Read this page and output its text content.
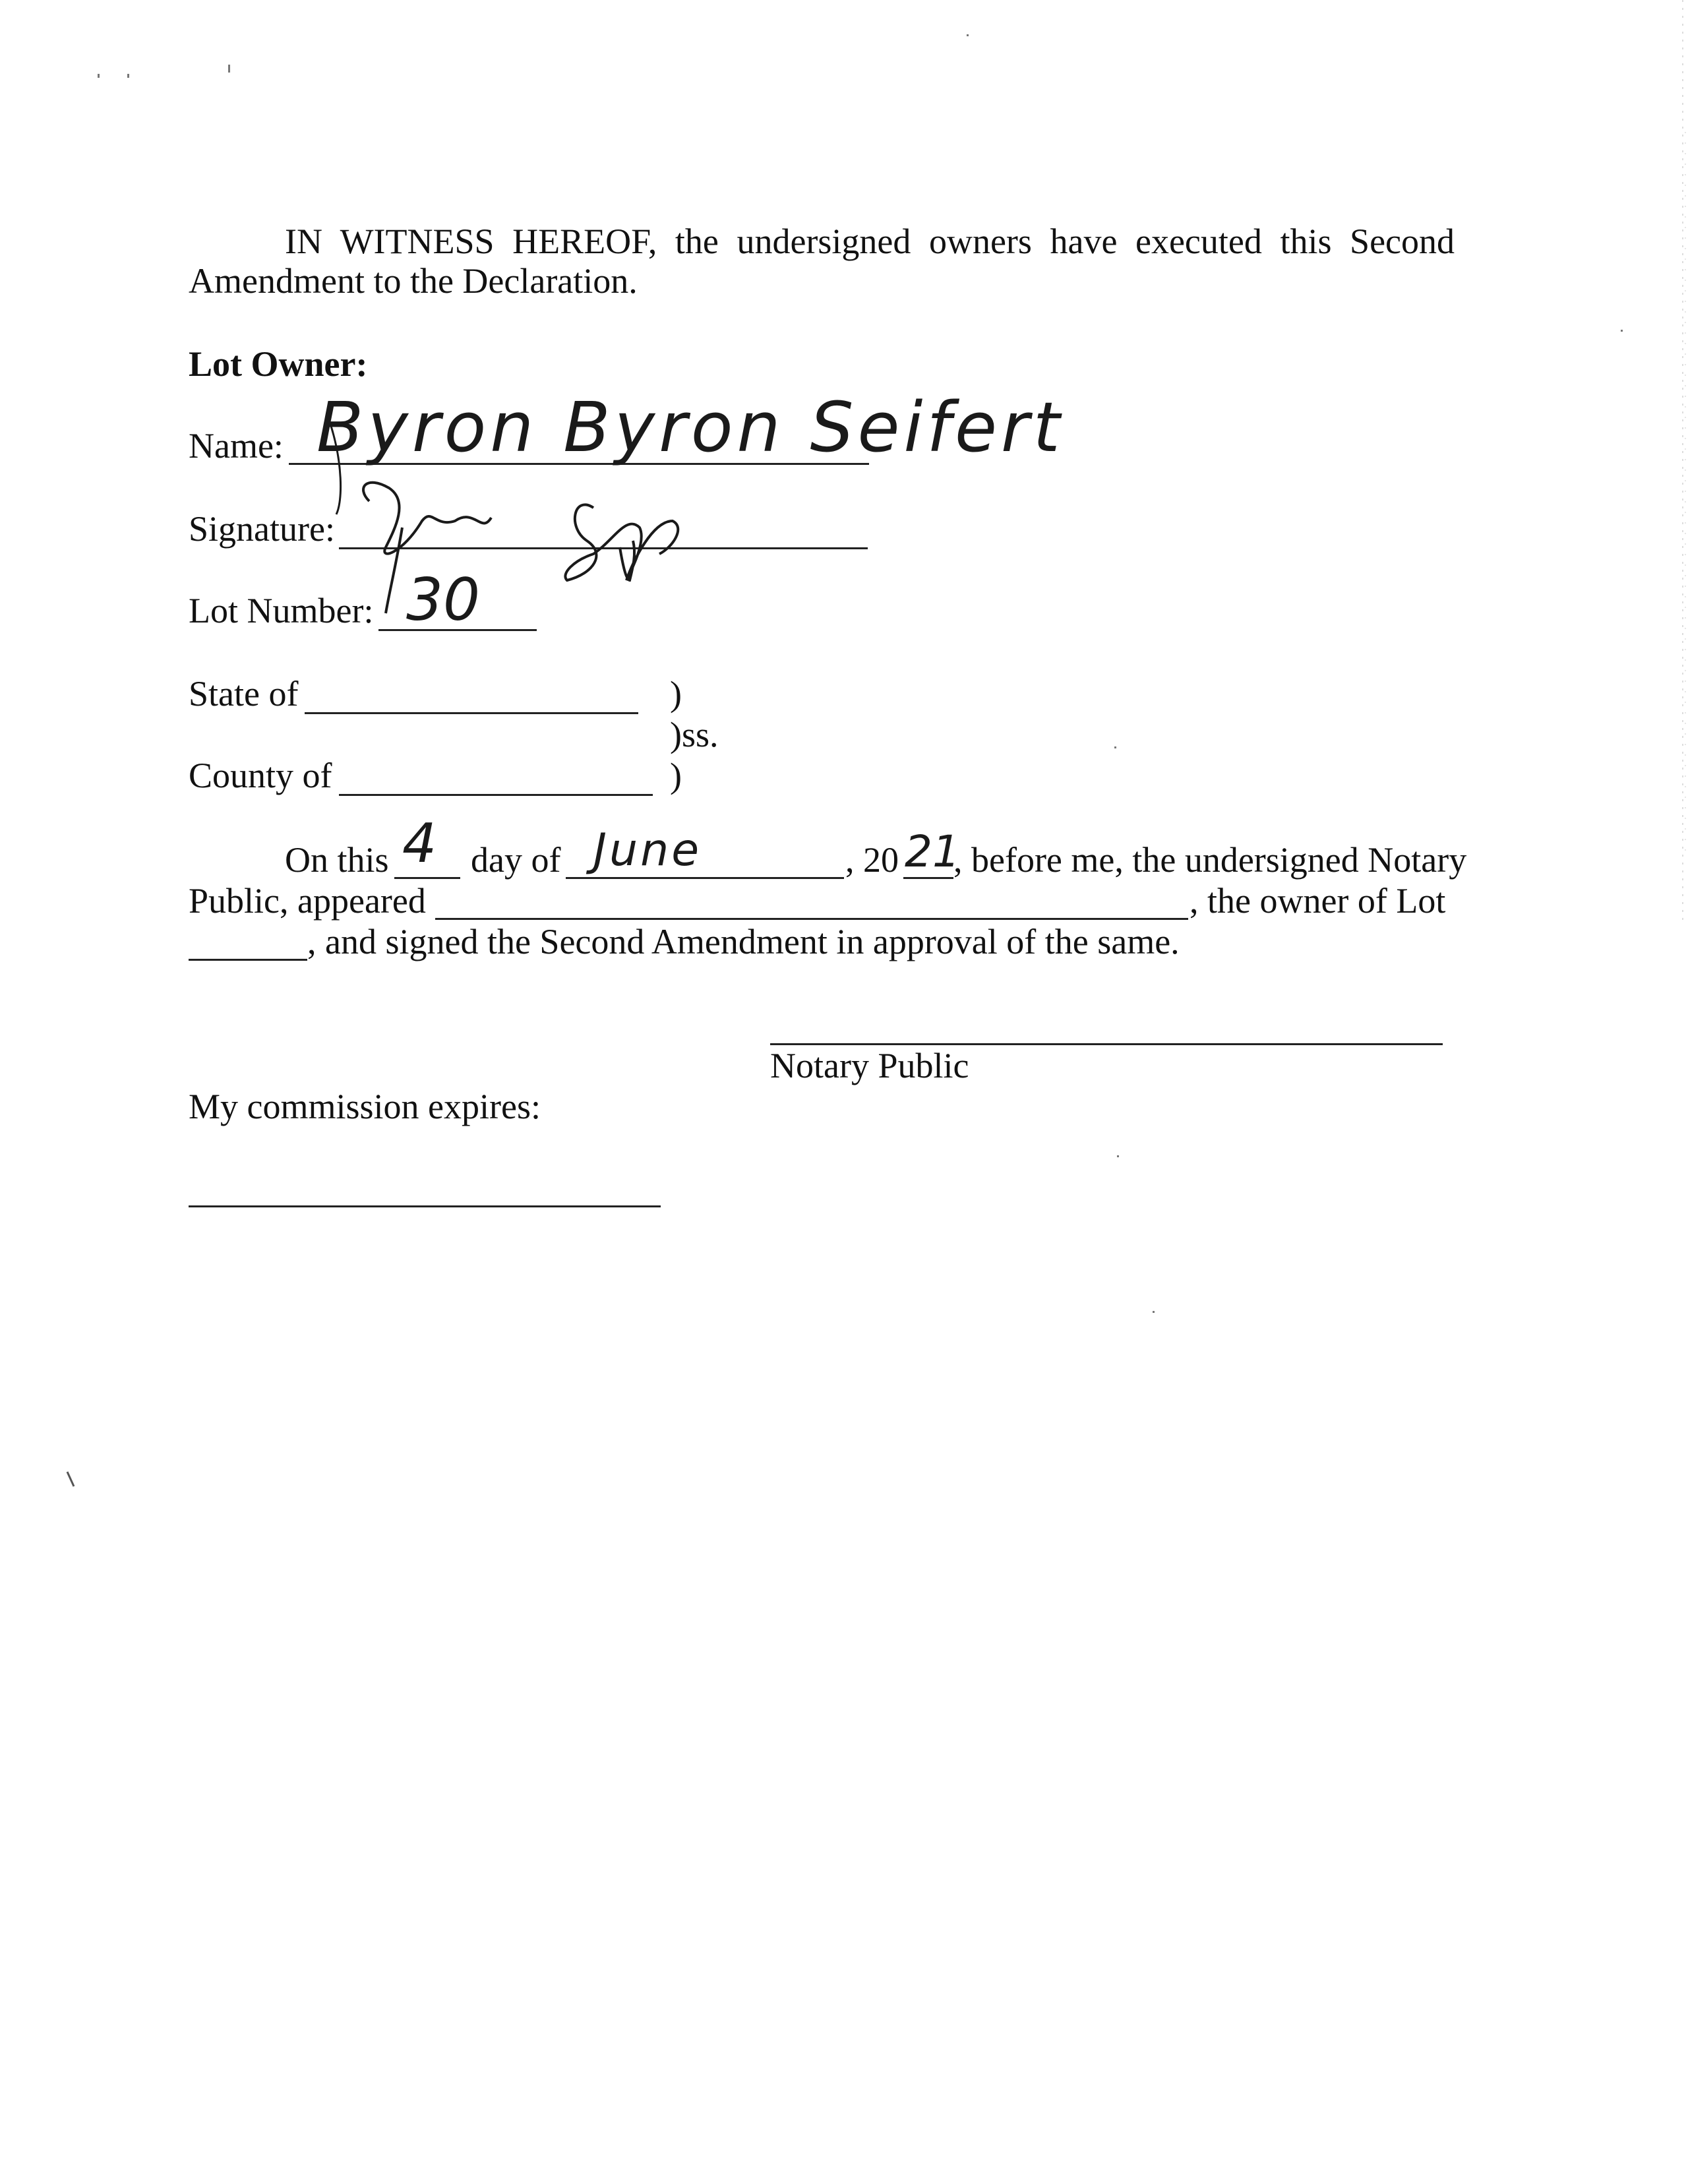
IN WITNESS HEREOF, the undersigned owners have executed this Second
Amendment to the Declaration.
Lot Owner:
Name: Byron Byron Seifert
Signature:
Lot Number: 30
State of	)
)ss.
County of	)
On this 4 day of June	, 20 21
, before me, the undersigned Notary
Public, appeared	, the owner of Lot
, and signed the Second Amendment in approval of the same.
Notary Public
My commission expires:
